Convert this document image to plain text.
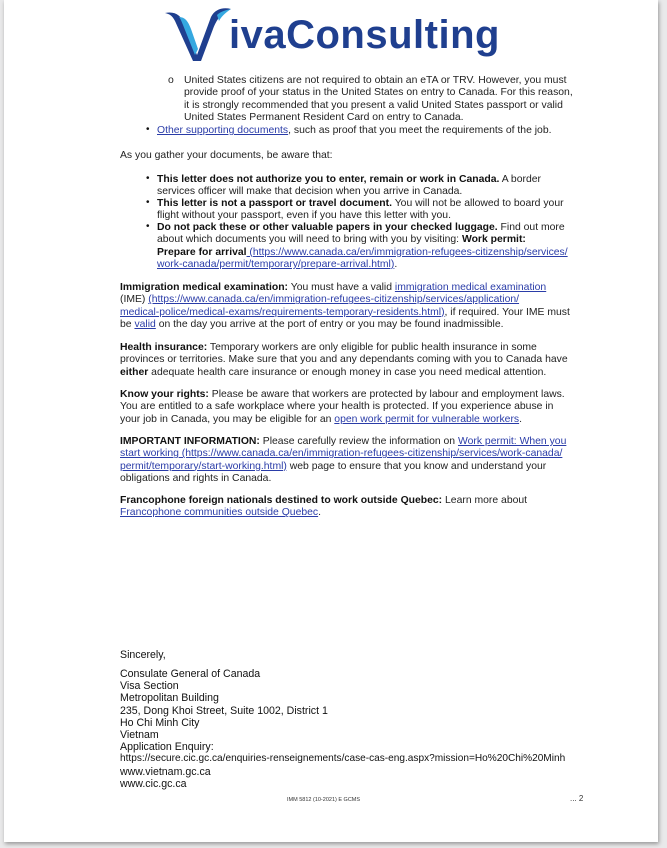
ivaConsulting
o United States citizens are not required to obtain an eTA or TRV. However, you must
provide proof of your status in the United States on entry to Canada. For this reason,
it is strongly recommended that you present a valid United States passport or valid
United States Permanent Resident Card on entry to Canada.
• Other supporting documents, such as proof that you meet the requirements of the job.
As you gather your documents, be aware that:
• This letter does not authorize you to enter, remain or work in Canada. A border
services officer will make that decision when you arrive in Canada.
• This letter is not a passport or travel document. You will not be allowed to board your
flight without your passport, even if you have this letter with you.
• Do not pack these or other valuable papers in your checked luggage. Find out more
about which documents you will need to bring with you by visiting: Work permit:
Prepare for arrival (https://www.canada.ca/en/immigration-refugees-citizenship/services/
work-canada/permit/temporary/prepare-arrival.html).
Immigration medical examination: You must have a valid immigration medical examination
(IME) (https://www.canada.ca/en/immigration-refugees-citizenship/services/application/
medical-police/medical-exams/requirements-temporary-residents.html), if required. Your IME must
be valid on the day you arrive at the port of entry or you may be found inadmissible.
Health insurance: Temporary workers are only eligible for public health insurance in some
provinces or territories. Make sure that you and any dependants coming with you to Canada have
either adequate health care insurance or enough money in case you need medical attention.
Know your rights: Please be aware that workers are protected by labour and employment laws.
You are entitled to a safe workplace where your health is protected. If you experience abuse in
your job in Canada, you may be eligible for an open work permit for vulnerable workers.
IMPORTANT INFORMATION: Please carefully review the information on Work permit: When you
start working (https://www.canada.ca/en/immigration-refugees-citizenship/services/work-canada/
permit/temporary/start-working.html) web page to ensure that you know and understand your
obligations and rights in Canada.
Francophone foreign nationals destined to work outside Quebec: Learn more about
Francophone communities outside Quebec.
Sincerely,
Consulate General of Canada
Visa Section
Metropolitan Building
235, Dong Khoi Street, Suite 1002, District 1
Ho Chi Minh City
Vietnam
Application Enquiry:
https://secure.cic.gc.ca/enquiries-renseignements/case-cas-eng.aspx?mission=Ho%20Chi%20Minh
www.vietnam.gc.ca
www.cic.gc.ca
IMM 5812 (10-2021) E GCMS	... 2
